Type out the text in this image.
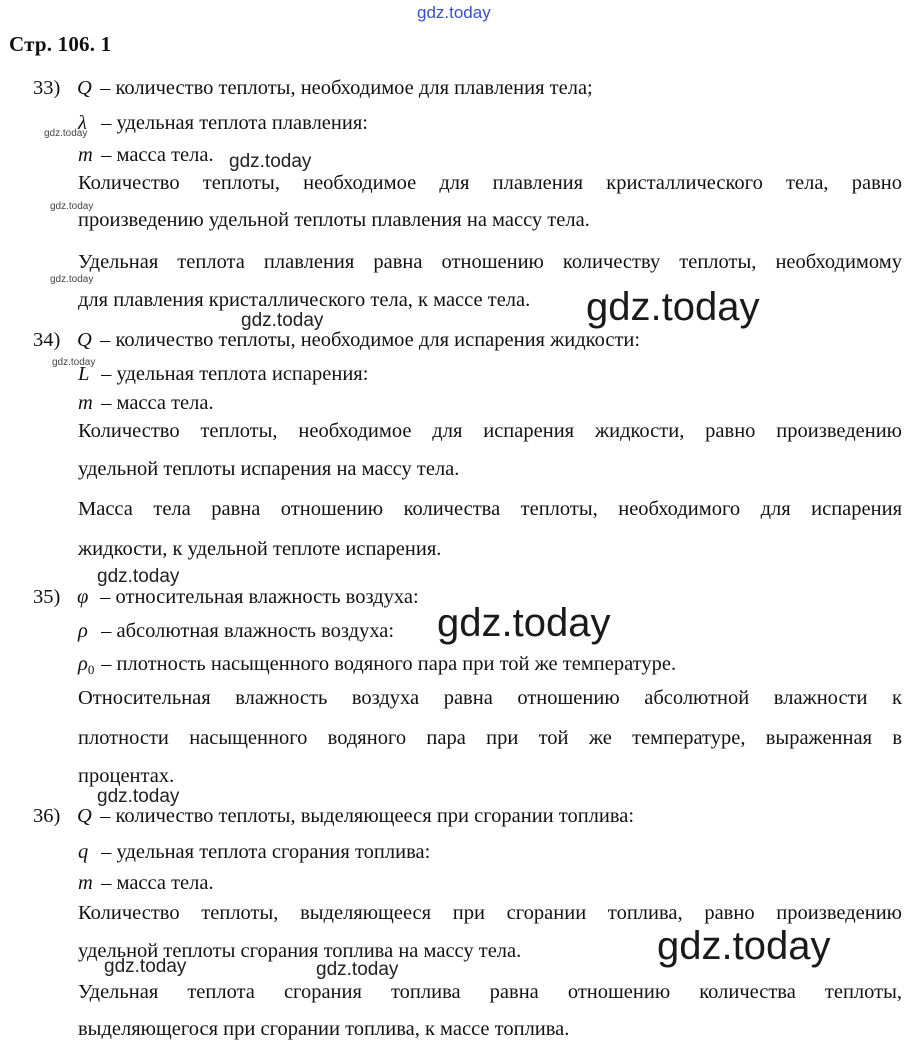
gdz.today
Стр. 106. 1
33) Q – количество теплоты, необходимое для плавления тела;
λ – удельная теплота плавления:
m – масса тела.
Количество теплоты, необходимое для плавления кристаллического тела, равно
произведению удельной теплоты плавления на массу тела.
Удельная теплота плавления равна отношению количеству теплоты, необходимому
для плавления кристаллического тела, к массе тела.
34) Q – количество теплоты, необходимое для испарения жидкости:
L – удельная теплота испарения:
m – масса тела.
Количество теплоты, необходимое для испарения жидкости, равно произведению
удельной теплоты испарения на массу тела.
Масса тела равна отношению количества теплоты, необходимого для испарения
жидкости, к удельной теплоте испарения.
35) φ – относительная влажность воздуха:
ρ – абсолютная влажность воздуха:
$\rho_0$ – плотность насыщенного водяного пара при той же температуре.
Относительная влажность воздуха равна отношению абсолютной влажности к
плотности насыщенного водяного пара при той же температуре, выраженная в
процентах.
36) Q – количество теплоты, выделяющееся при сгорании топлива:
q – удельная теплота сгорания топлива:
m – масса тела.
Количество теплоты, выделяющееся при сгорании топлива, равно произведению
удельной теплоты сгорания топлива на массу тела.
Удельная теплота сгорания топлива равна отношению количества теплоты,
выделяющегося при сгорании топлива, к массе топлива.
gdz.today
gdz.today
gdz.today
gdz.today
gdz.today
gdz.today
gdz.today
gdz.today
gdz.today	gdz.today
gdz.today
gdz.today
gdz.today
